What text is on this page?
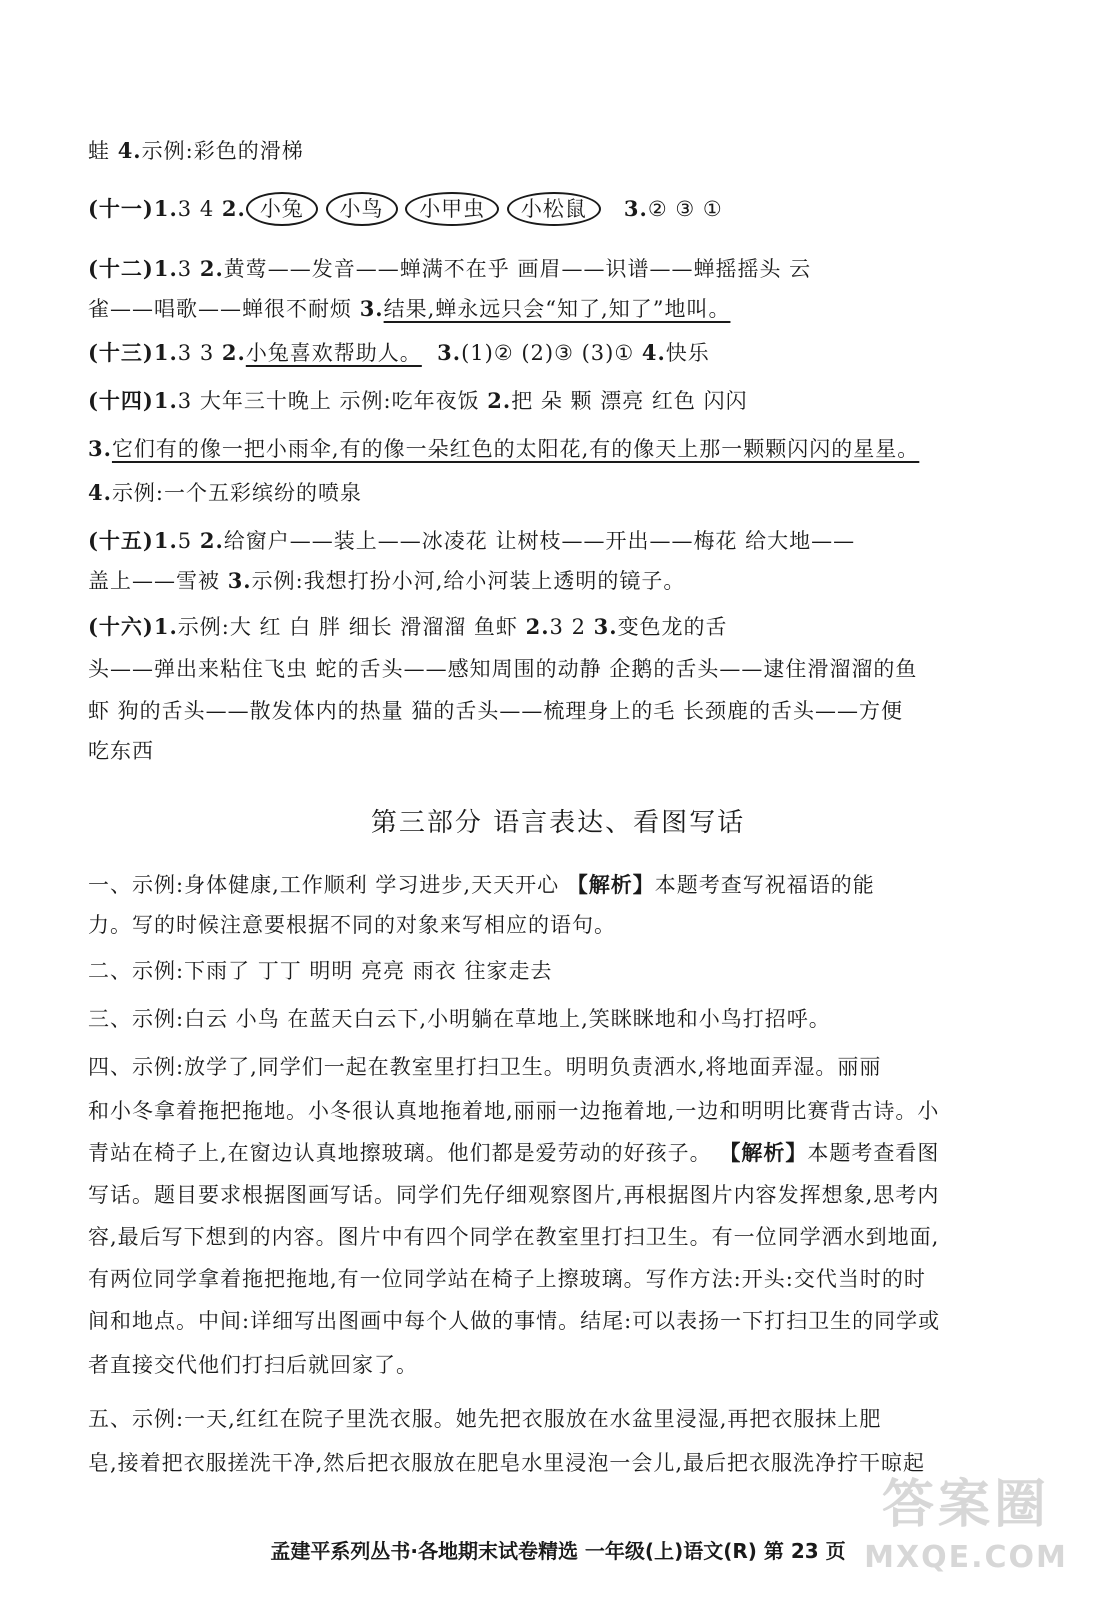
蛙 4.示例:彩色的滑梯
(十一)1.3 4 2. 小兔 小鸟 小甲虫 小松鼠 3.② ③ ①
(十二)1.3 2.黄莺——发音——蝉满不在乎 画眉——识谱——蝉摇摇头 云
雀——唱歌——蝉很不耐烦 3.结果,蝉永远只会“知了,知了”地叫。
(十三)1.3 3 2.小兔喜欢帮助人。 3.(1)② (2)③ (3)① 4.快乐
(十四)1.3 大年三十晚上 示例:吃年夜饭 2.把 朵 颗 漂亮 红色 闪闪
3.它们有的像一把小雨伞,有的像一朵红色的太阳花,有的像天上那一颗颗闪闪的星星。
4.示例:一个五彩缤纷的喷泉
(十五)1.5 2.给窗户——装上——冰凌花 让树枝——开出——梅花 给大地——
盖上——雪被 3.示例:我想打扮小河,给小河装上透明的镜子。
(十六)1.示例:大 红 白 胖 细长 滑溜溜 鱼虾 2.3 2 3.变色龙的舌
头——弹出来粘住飞虫 蛇的舌头——感知周围的动静 企鹅的舌头——逮住滑溜溜的鱼
虾 狗的舌头——散发体内的热量 猫的舌头——梳理身上的毛 长颈鹿的舌头——方便
吃东西
第三部分 语言表达、看图写话
一、示例:身体健康,工作顺利 学习进步,天天开心 【解析】本题考查写祝福语的能
力。写的时候注意要根据不同的对象来写相应的语句。
二、示例:下雨了 丁丁 明明 亮亮 雨衣 往家走去
三、示例:白云 小鸟 在蓝天白云下,小明躺在草地上,笑眯眯地和小鸟打招呼。
四、示例:放学了,同学们一起在教室里打扫卫生。明明负责洒水,将地面弄湿。丽丽
和小冬拿着拖把拖地。小冬很认真地拖着地,丽丽一边拖着地,一边和明明比赛背古诗。小
青站在椅子上,在窗边认真地擦玻璃。他们都是爱劳动的好孩子。 【解析】本题考查看图
写话。题目要求根据图画写话。同学们先仔细观察图片,再根据图片内容发挥想象,思考内
容,最后写下想到的内容。图片中有四个同学在教室里打扫卫生。有一位同学洒水到地面,
有两位同学拿着拖把拖地,有一位同学站在椅子上擦玻璃。写作方法:开头:交代当时的时
间和地点。中间:详细写出图画中每个人做的事情。结尾:可以表扬一下打扫卫生的同学或
者直接交代他们打扫后就回家了。
五、示例:一天,红红在院子里洗衣服。她先把衣服放在水盆里浸湿,再把衣服抹上肥
皂,接着把衣服搓洗干净,然后把衣服放在肥皂水里浸泡一会儿,最后把衣服洗净拧干晾起
孟建平系列丛书·各地期末试卷精选 一年级(上)语文(R) 第 23 页
答案圈
MXQE.COM
